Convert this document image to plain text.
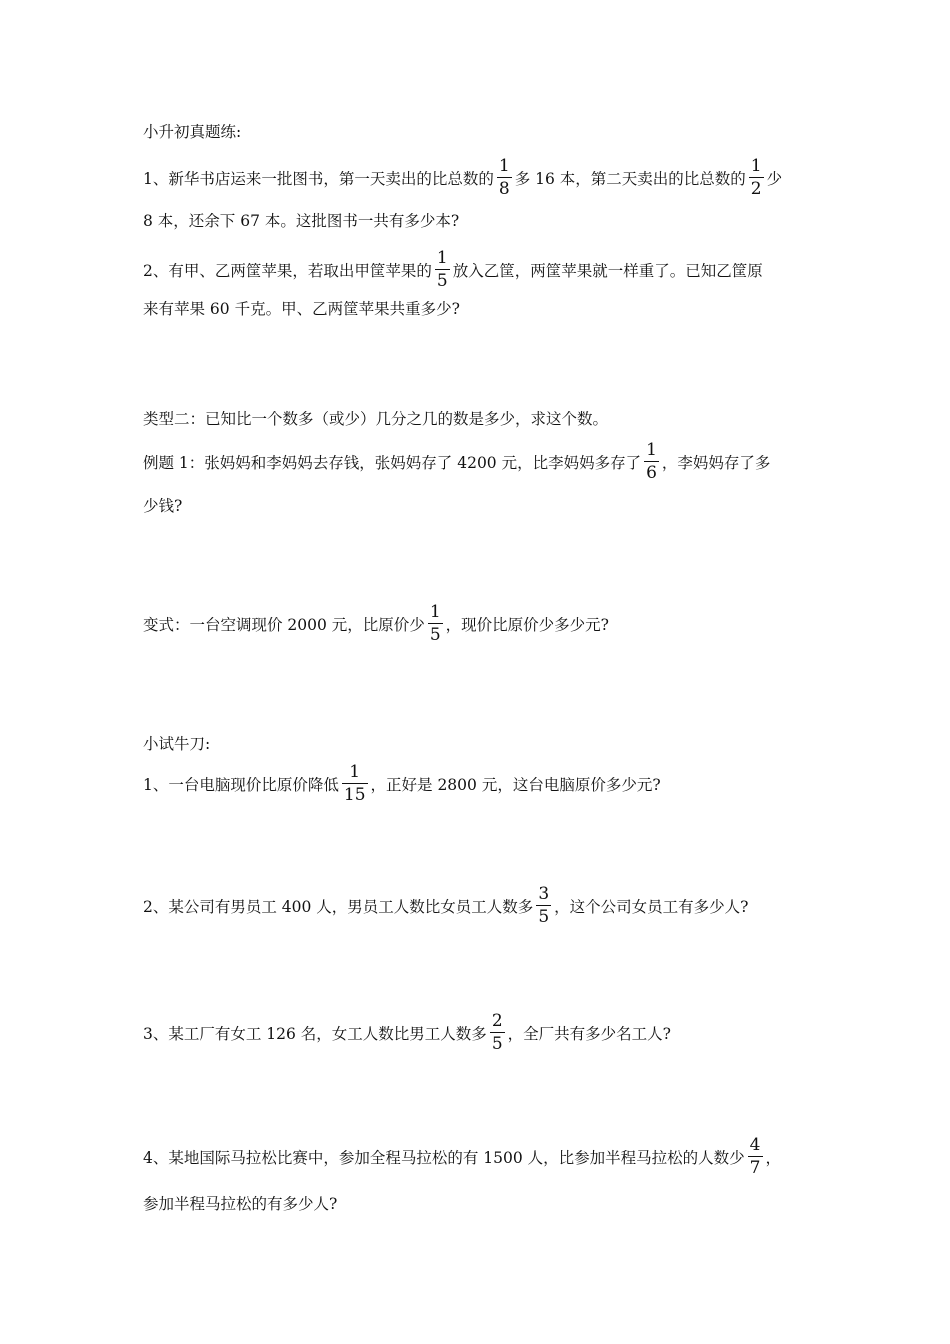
小升初真题练:
1、新华书店运来一批图书，第一天卖出的比总数的 $\frac{1}{8}$ 多 16 本，第二天卖出的比总数的 $\frac{1}{2}$ 少
8 本，还余下 67 本。这批图书一共有多少本?
2、有甲、乙两筐苹果，若取出甲筐苹果的 $\frac{1}{5}$ 放入乙筐，两筐苹果就一样重了。已知乙筐原
来有苹果 60 千克。甲、乙两筐苹果共重多少?
类型二：已知比一个数多（或少）几分之几的数是多少，求这个数。
例题 1：张妈妈和李妈妈去存钱，张妈妈存了 4200 元，比李妈妈多存了 $\frac{1}{6}$ ，李妈妈存了多
少钱?
变式：一台空调现价 2000 元，比原价少 $\frac{1}{5}$ ，现价比原价少多少元?
小试牛刀:
1、一台电脑现价比原价降低 $\frac{1}{15}$ ，正好是 2800 元，这台电脑原价多少元?
2、某公司有男员工 400 人，男员工人数比女员工人数多 $\frac{3}{5}$ ，这个公司女员工有多少人?
3、某工厂有女工 126 名，女工人数比男工人数多 $\frac{2}{5}$ ，全厂共有多少名工人?
4、某地国际马拉松比赛中，参加全程马拉松的有 1500 人，比参加半程马拉松的人数少 $\frac{4}{7}$ ，
参加半程马拉松的有多少人?
